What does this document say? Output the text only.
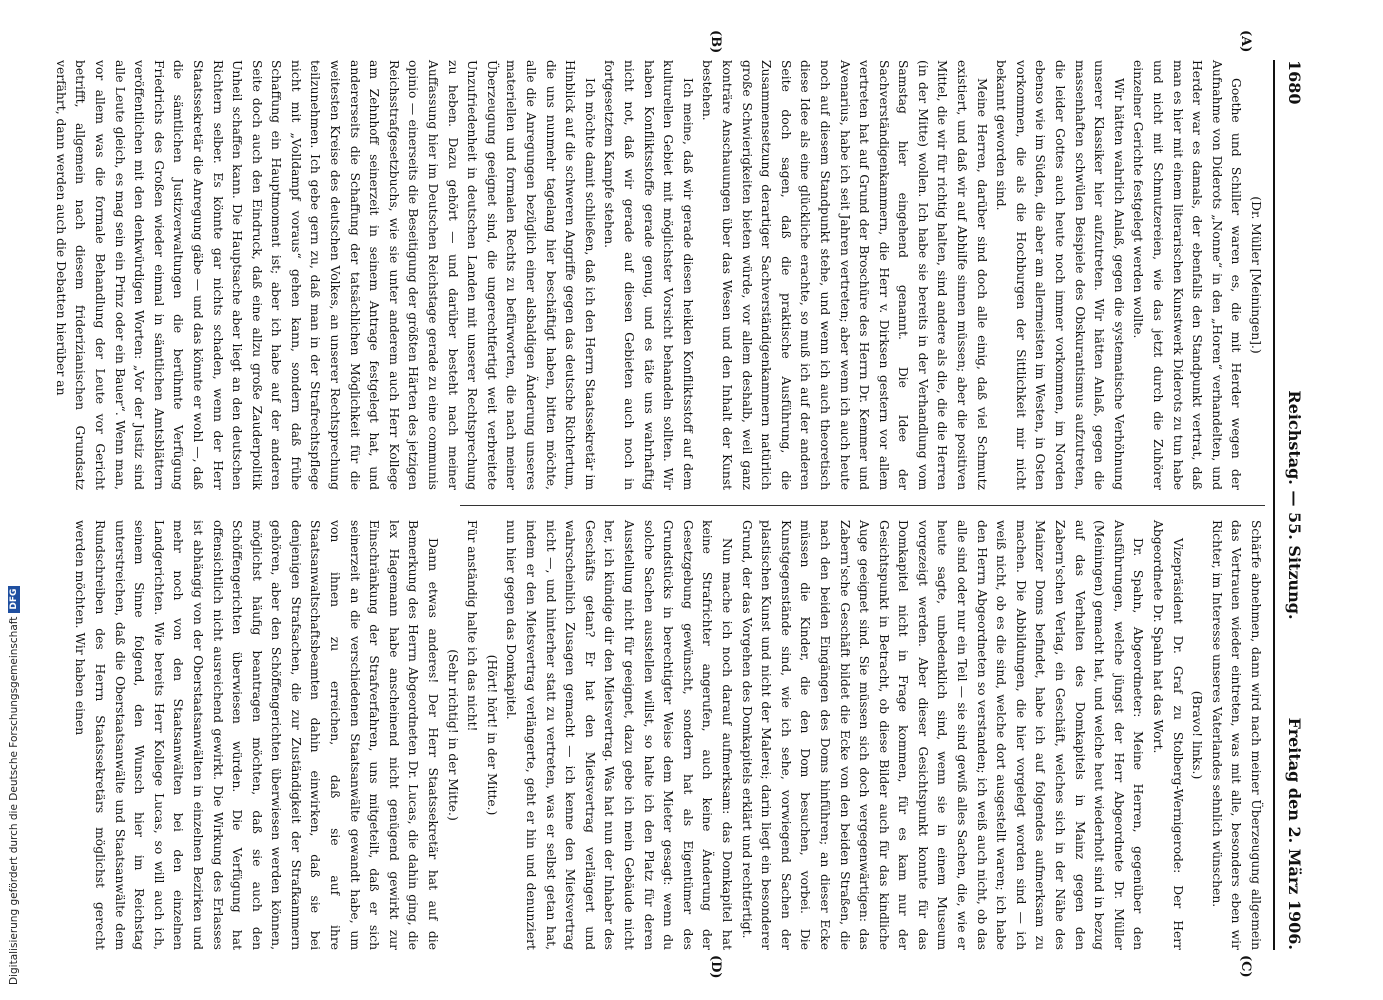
1680
Reichstag. — 55. Sitzung.
Freitag den 2. März 1906.
(A)
(B)
(C)
(D)

(Dr. Müller [Meiningen].)

Goethe und Schiller waren es, die mit Herder wegen der Aufnahme von Diderots „Nonne“ in den „Horen“ verhandelten, und Herder war es damals, der ebenfalls den Standpunkt vertrat, daß man es hier mit einem literarischen Kunstwerk Diderots zu tun habe und nicht mit Schmutzereien, wie das jetzt durch die Zuhörer einzelner Gerichte festgelegt werden wollte.

Wir hätten wahrlich Anlaß, gegen die systematische Verhöhnung unserer Klassiker hier aufzutreten. Wir hätten Anlaß, gegen die massenhaften schwülen Beispiele des Obskurantismus aufzutreten, die leider Gottes auch heute noch immer vorkommen, im Norden ebenso wie im Süden, die aber am allermeisten im Westen, in Osten vorkommen, die als die Hochburgen der Sittlichkeit mir nicht bekannt geworden sind.

Meine Herren, darüber sind doch alle einig, daß viel Schmutz existiert, und daß wir auf Abhilfe sinnen müssen; aber die positiven Mittel, die wir für richtig halten, sind andere als die, die die Herren (in der Mitte) wollen. Ich habe sie bereits in der Verhandlung vom Samstag hier eingehend genannt. Die Idee der Sachverständigenkammern, die Herr v. Dirksen gestern vor allem vertreten hat auf Grund der Broschüre des Herrn Dr. Kemmer und Avenarius, habe ich seit Jahren vertreten; aber wenn ich auch heute noch auf diesem Standpunkt stehe, und wenn ich auch theoretisch diese Idee als eine glückliche erachte, so muß ich auf der anderen Seite doch sagen, daß die praktische Ausführung, die Zusammensetzung derartiger Sachverständigenkammern natürlich große Schwierigkeiten bieten würde, vor allem deshalb, weil ganz konträre Anschauungen über das Wesen und den Inhalt der Kunst bestehen.

Ich meine, daß wir gerade diesen heiklen Konfliktsstoff auf dem kulturellen Gebiet mit möglichster Vorsicht behandeln sollten. Wir haben Konfliktsstoffe gerade genug, und es täte uns wahrhaftig nicht not, daß wir gerade auf diesen Gebieten auch noch in fortgesetztem Kampfe stehen.

Ich möchte damit schließen, daß ich den Herrn Staatssekretär im Hinblick auf die schweren Angriffe gegen das deutsche Richtertum, die uns nunmehr tagelang hier beschäftigt haben, bitten möchte, alle die Anregungen bezüglich einer alsbaldigen Änderung unseres materiellen und formalen Rechts zu befürworten, die nach meiner Überzeugung geeignet sind, die ungerechtfertigt weit verbreitete Unzufriedenheit in deutschen Landen mit unserer Rechtsprechung zu heben. Dazu gehört — und darüber besteht nach meiner Auffassung hier im Deutschen Reichstage gerade zu eine communis opinio — einerseits die Beseitigung der größten Härten des jetzigen Reichsstrafgesetzbuchs, wie sie unter anderem auch Herr Kollege am Zehnhoff seinerzeit in seinem Antrage festgelegt hat, und andererseits die Schaffung der tatsächlichen Möglichkeit für die weitesten Kreise des deutschen Volkes, an unserer Rechtsprechung teilzunehmen. Ich gebe gern zu, daß man in der Strafrechtspflege nicht mit „Volldampf voraus“ gehen kann, sondern daß frühe Schaffung ein Hauptmoment ist; aber ich habe auf der anderen Seite doch auch den Eindruck, daß eine allzu große Zauderpolitik Unheil schaffen kann. Die Hauptsache aber liegt an den deutschen Richtern selber. Es könnte gar nichts schaden, wenn der Herr Staatssekretär die Anregung gäbe — und das könnte er wohl —, daß die sämtlichen Justizverwaltungen die berühmte Verfügung Friedrichs des Großen wieder einmal in sämtlichen Amtsblättern veröffentlichen mit den denkwürdigen Worten: „Vor der Justiz sind alle Leute gleich, es mag sein ein Prinz oder ein Bauer“. Wenn man, vor allem was die formale Behandlung der Leute vor Gericht betrifft, allgemein nach diesem friderizianischen Grundsatz verfährt, dann werden auch die Debatten hierüber an

Schärfe abnehmen, dann wird nach meiner Überzeugung allgemein das Vertrauen wieder eintreten, was mit alle, besonders eben wir Richter, im Interesse unseres Vaterlandes sehnlich wünschen.

(Bravo! links.)

Vizepräsident Dr. Graf zu Stolberg-Wernigerode: Der Herr Abgeordnete Dr. Spahn hat das Wort.

Dr. Spahn, Abgeordneter: Meine Herren, gegenüber den Ausführungen, welche jüngst der Herr Abgeordnete Dr. Müller (Meiningen) gemacht hat, und welche heut wiederholt sind in bezug auf das Verhalten des Domkapitels in Mainz gegen den Zabern'schen Verlag, ein Geschäft, welches sich in der Nähe des Mainzer Doms befindet, habe ich auf folgendes aufmerksam zu machen. Die Abbildungen, die hier vorgelegt worden sind — ich weiß nicht, ob es die sind, welche dort ausgestellt waren; ich habe den Herrn Abgeordneten so verstanden; ich weiß auch nicht, ob das alle sind oder nur ein Teil — sie sind gewiß alles Sachen, die, wie er heute sagte, unbedenklich sind, wenn sie in einem Museum vorgezeigt werden. Aber dieser Gesichtspunkt konnte für das Domkapitel nicht in Frage kommen, für es kam nur der Gesichtspunkt in Betracht, ob diese Bilder auch für das kindliche Auge geeignet sind. Sie müssen sich doch vergegenwärtigen: das Zabern'sche Geschäft bildet die Ecke von den beiden Straßen, die nach den beiden Eingängen des Doms hinführen; an dieser Ecke müssen die Kinder, die den Dom besuchen, vorbei. Die Kunstgegenstände sind, wie ich sehe, vorwiegend Sachen der plastischen Kunst und nicht der Malerei; darin liegt ein besonderer Grund, der das Vorgehen des Domkapitels erklärt und rechtfertigt.

Nun mache ich noch darauf aufmerksam: das Domkapitel hat keine Strafrichter angerufen, auch keine Änderung der Gesetzgebung gewünscht, sondern hat als Eigentümer des Grundstücks in berechtigter Weise dem Mieter gesagt: wenn du solche Sachen ausstellen willst, so halte ich den Platz für deren Ausstellung nicht für geeignet, dazu gebe ich mein Gebäude nicht her, ich kündige dir den Mietsvertrag. Was hat nun der Inhaber des Geschäfts getan? Er hat den Mietsvertrag verlängert und wahrscheinlich Zusagen gemacht — ich kenne den Mietsvertrag nicht —, und hinterher statt zu vertreten, was er selbst getan hat, indem er den Mietsvertrag verlängerte, geht er hin und denunziert nun hier gegen das Domkapitel.

(Hört! hört! in der Mitte.)

Für anständig halte ich das nicht!

(Sehr richtig! in der Mitte.)

Dann etwas anderes! Der Herr Staatssekretär hat auf die Bemerkung des Herrn Abgeordneten Dr. Lucas, die dahin ging, die lex Hagemann habe anscheinend nicht genügend gewirkt zur Einschränkung der Strafverfahren, uns mitgeteilt, daß er sich seinerzeit an die verschiedenen Staatsanwälte gewandt habe, um von ihnen zu erreichen, daß sie auf ihre Staatsanwaltschaftsbeamten dahin einwirken, daß sie bei denjenigen Strafsachen, die zur Zuständigkeit der Strafkammern gehören, aber den Schöffengerichten überwiesen werden können, möglichst häufig beantragen möchten, daß sie auch den Schöffengerichten überwiesen würden. Die Verfügung hat offensichtlich nicht ausreichend gewirkt. Die Wirkung des Erlasses ist abhängig von der Oberstaatsanwälten in einzelnen Bezirken und mehr noch von den Staatsanwälten bei den einzelnen Landgerichten. Wie bereits Herr Kollege Lucas, so will auch ich, seinem Sinne folgend, den Wunsch hier im Reichstag unterstreichen, daß die Oberstaatsanwälte und Staatsanwälte dem Rundschreiben des Herrn Staatssekretärs möglichst gerecht werden möchten. Wir haben einen

Digitalisierung gefördert durch die Deutsche Forschungsgemeinschaft
DFG
